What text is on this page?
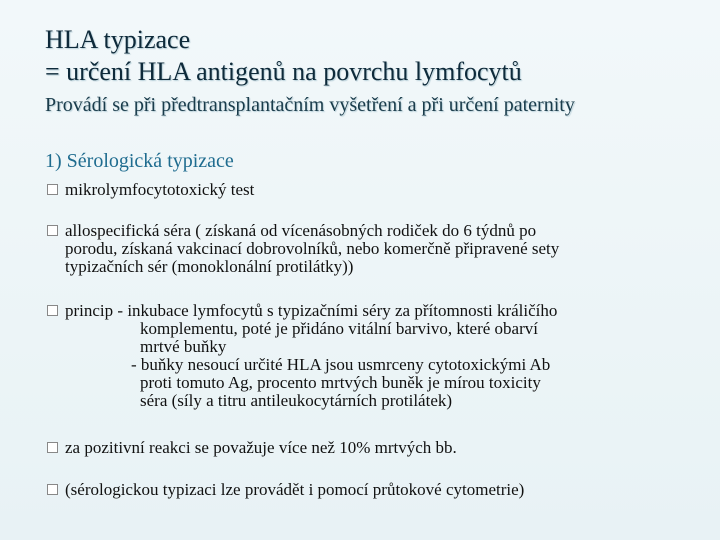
HLA typizace
= určení HLA antigenů na povrchu lymfocytů
Provádí se při předtransplantačním vyšetření a při určení paternity
1) Sérologická typizace
mikrolymfocytotoxický test
allospecifická séra ( získaná od vícenásobných rodiček do 6 týdnů po
porodu, získaná vakcinací dobrovolníků, nebo komerčně připravené sety
typizačních sér (monoklonální protilátky))
princip - inkubace lymfocytů s typizačními séry za přítomnosti králičího
komplementu, poté je přidáno vitální barvivo, které obarví
mrtvé buňky
- buňky nesoucí určité HLA jsou usmrceny cytotoxickými Ab
proti tomuto Ag, procento mrtvých buněk je mírou toxicity
séra (síly a titru antileukocytárních protilátek)
za pozitivní reakci se považuje více než 10% mrtvých bb.
(sérologickou typizaci lze provádět i pomocí průtokové cytometrie)
